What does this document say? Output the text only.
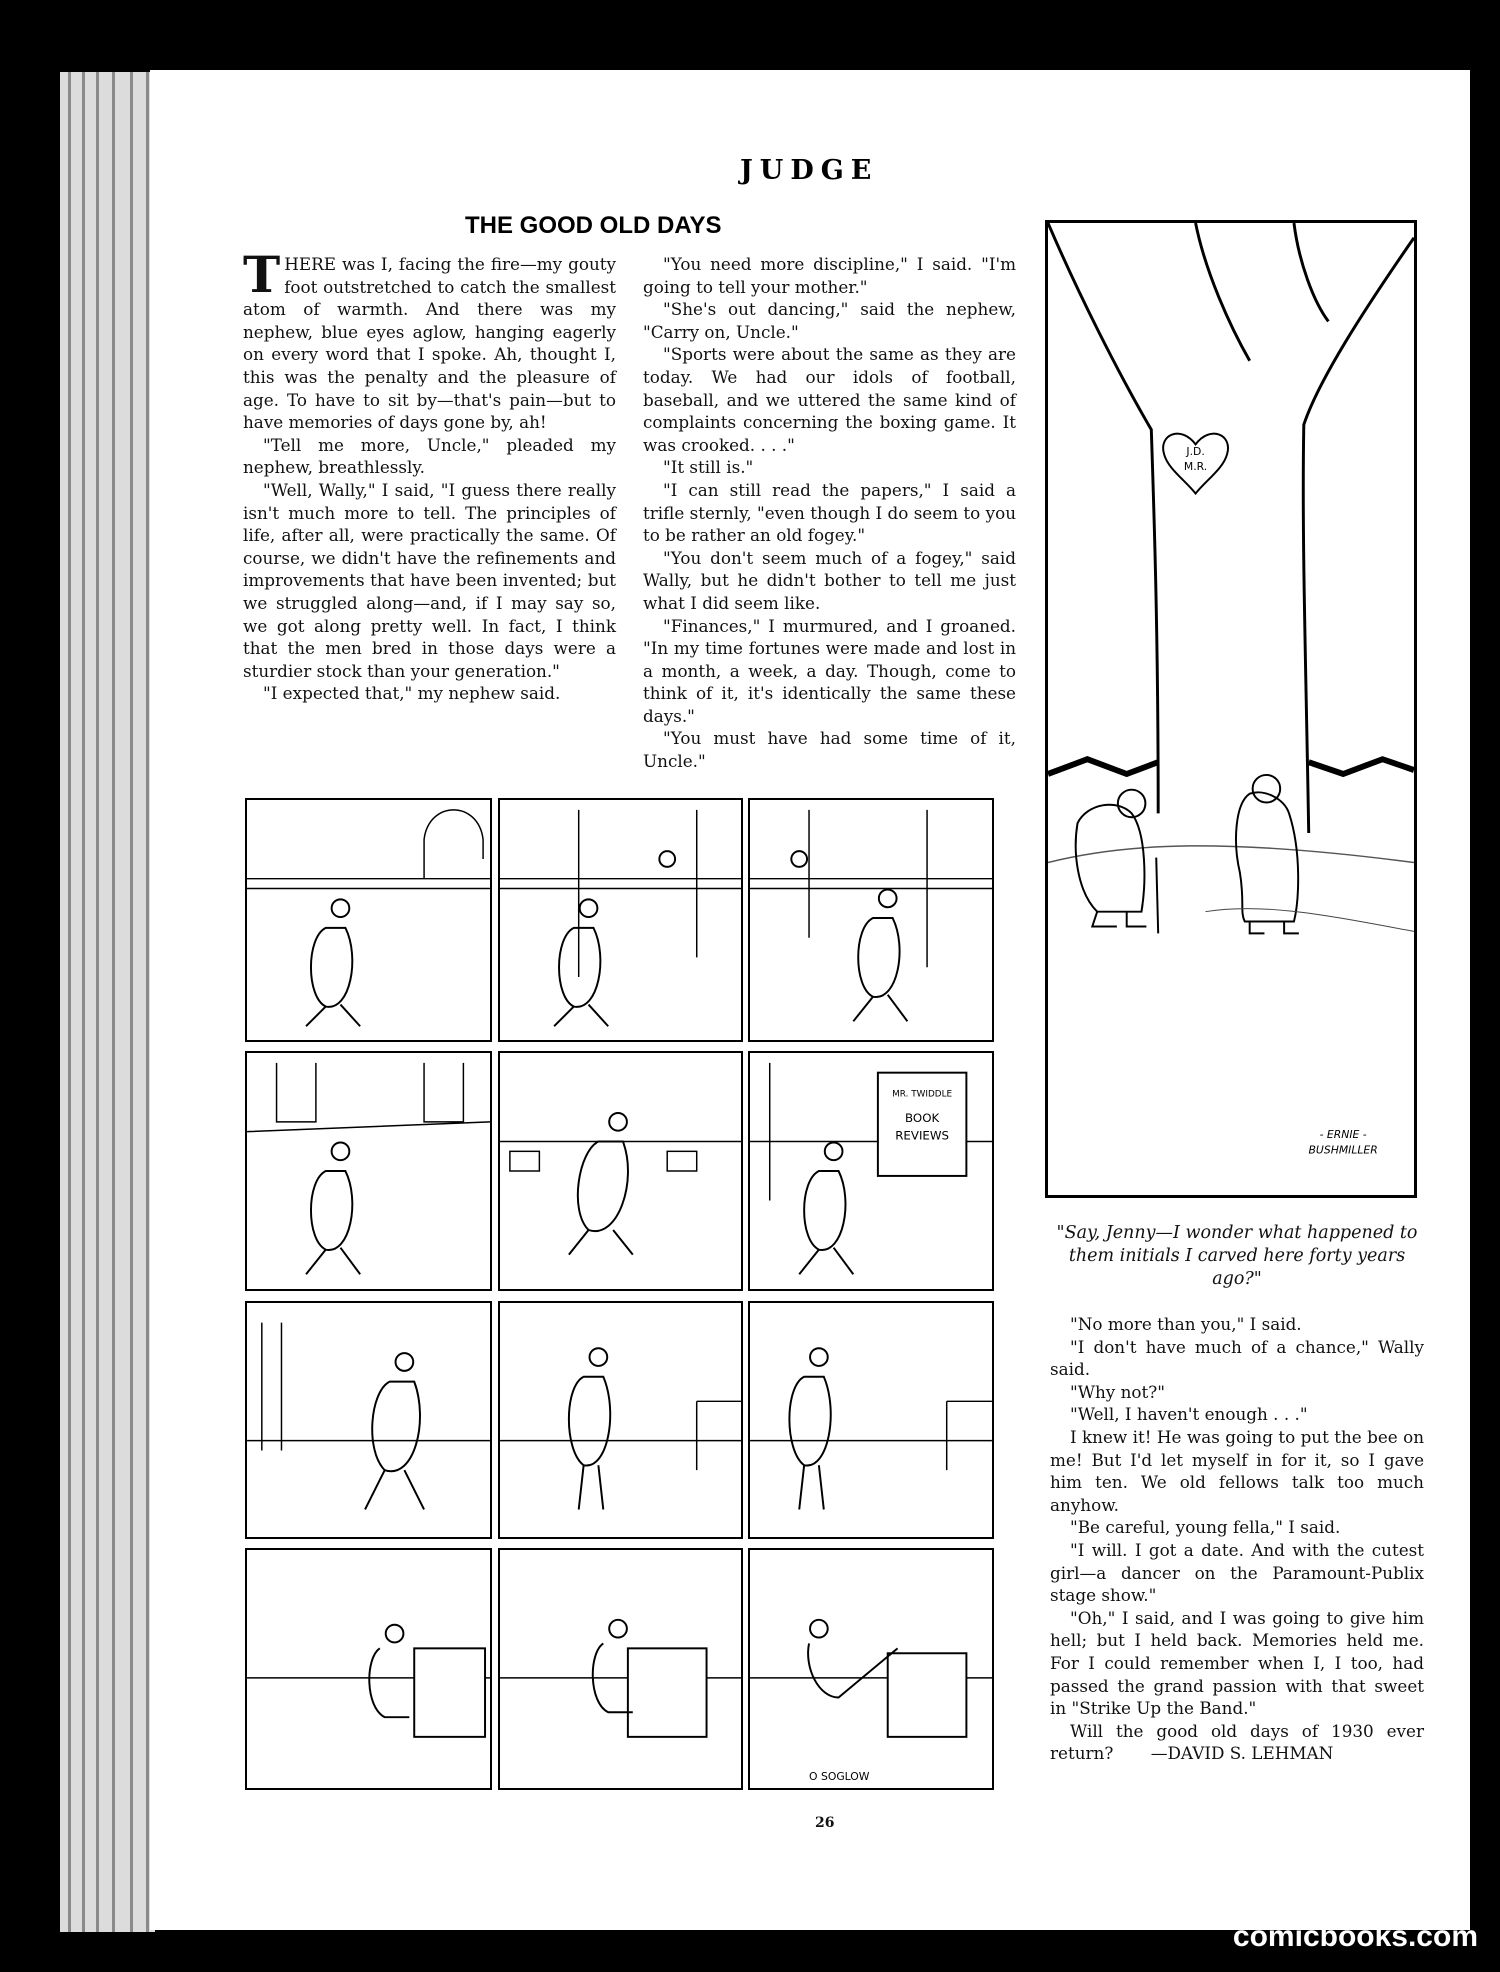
JUDGE
THE GOOD OLD DAYS

THERE was I, facing the fire—my gouty foot outstretched to catch the smallest atom of warmth. And there was my nephew, blue eyes aglow, hanging eagerly on every word that I spoke. Ah, thought I, this was the penalty and the pleasure of age. To have to sit by—that's pain—but to have memories of days gone by, ah!

"Tell me more, Uncle," pleaded my nephew, breathlessly.

"Well, Wally," I said, "I guess there really isn't much more to tell. The principles of life, after all, were practically the same. Of course, we didn't have the refinements and improvements that have been invented; but we struggled along—and, if I may say so, we got along pretty well. In fact, I think that the men bred in those days were a sturdier stock than your generation."

"I expected that," my nephew said.

"You need more discipline," I said. "I'm going to tell your mother."

"She's out dancing," said the nephew, "Carry on, Uncle."

"Sports were about the same as they are today. We had our idols of football, baseball, and we uttered the same kind of complaints concerning the boxing game. It was crooked. . . ."

"It still is."

"I can still read the papers," I said a trifle sternly, "even though I do seem to you to be rather an old fogey."

"You don't seem much of a fogey," said Wally, but he didn't bother to tell me just what I did seem like.

"Finances," I murmured, and I groaned. "In my time fortunes were made and lost in a month, a week, a day. Though, come to think of it, it's identically the same these days."

"You must have had some time of it, Uncle."

J.D.
M.R.
- ERNIE -
BUSHMILLER
"Say, Jenny—I wonder what happened to them initials I carved here forty years ago?"

"No more than you," I said.

"I don't have much of a chance," Wally said.

"Why not?"

"Well, I haven't enough . . ."

I knew it! He was going to put the bee on me! But I'd let myself in for it, so I gave him ten. We old fellows talk too much anyhow.

"Be careful, young fella," I said.

"I will. I got a date. And with the cutest girl—a dancer on the Paramount-Publix stage show."

"Oh," I said, and I was going to give him hell; but I held back. Memories held me. For I could remember when I, I too, had passed the grand passion with that sweet in "Strike Up the Band."

Will the good old days of 1930 ever return? —DAVID S. LEHMAN

MR. TWIDDLE
BOOK
REVIEWS
O SOGLOW
26
comicbooks.com
